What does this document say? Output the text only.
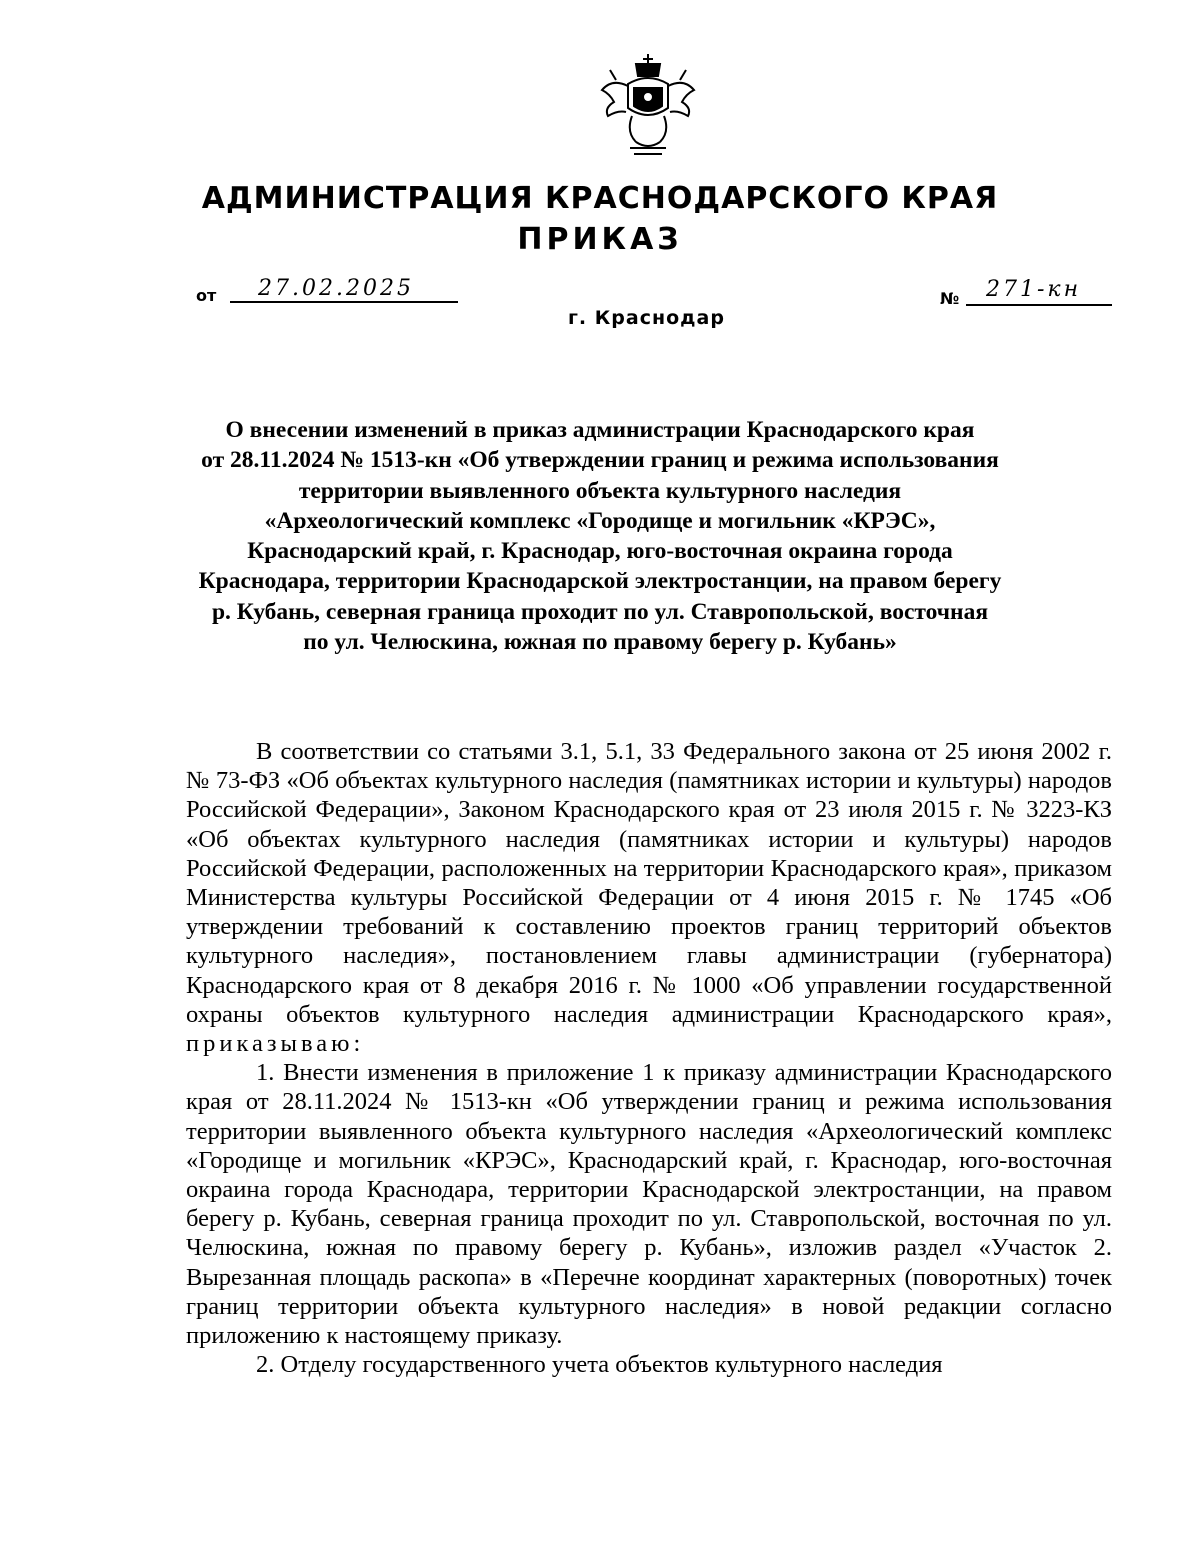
АДМИНИСТРАЦИЯ КРАСНОДАРСКОГО КРАЯ
ПРИКАЗ
от 27.02.2025	№ 271-кн
г. Краснодар
О внесении изменений в приказ администрации Краснодарского края
от 28.11.2024 № 1513-кн «Об утверждении границ и режима использования
территории выявленного объекта культурного наследия
«Археологический комплекс «Городище и могильник «КРЭС»,
Краснодарский край, г. Краснодар, юго-восточная окраина города
Краснодара, территории Краснодарской электростанции, на правом берегу
р. Кубань, северная граница проходит по ул. Ставропольской, восточная
по ул. Челюскина, южная по правому берегу р. Кубань»

В соответствии со статьями 3.1, 5.1, 33 Федерального закона от 25 июня 2002 г. № 73-ФЗ «Об объектах культурного наследия (памятниках истории и культуры) народов Российской Федерации», Законом Краснодарского края от 23 июля 2015 г. № 3223-КЗ «Об объектах культурного наследия (памятниках истории и культуры) народов Российской Федерации, расположенных на территории Краснодарского края», приказом Министерства культуры Российской Федерации от 4 июня 2015 г. № 1745 «Об утверждении требований к составлению проектов границ территорий объектов культурного наследия», постановлением главы администрации (губернатора) Краснодарского края от 8 декабря 2016 г. № 1000 «Об управлении государственной охраны объектов культурного наследия администрации Краснодарского края», приказываю:

1. Внести изменения в приложение 1 к приказу администрации Краснодарского края от 28.11.2024 № 1513-кн «Об утверждении границ и режима использования территории выявленного объекта культурного наследия «Археологический комплекс «Городище и могильник «КРЭС», Краснодарский край, г. Краснодар, юго-восточная окраина города Краснодара, территории Краснодарской электростанции, на правом берегу р. Кубань, северная граница проходит по ул. Ставропольской, восточная по ул. Челюскина, южная по правому берегу р. Кубань», изложив раздел «Участок 2. Вырезанная площадь раскопа» в «Перечне координат характерных (поворотных) точек границ территории объекта культурного наследия» в новой редакции согласно приложению к настоящему приказу.

2. Отделу государственного учета объектов культурного наследия
